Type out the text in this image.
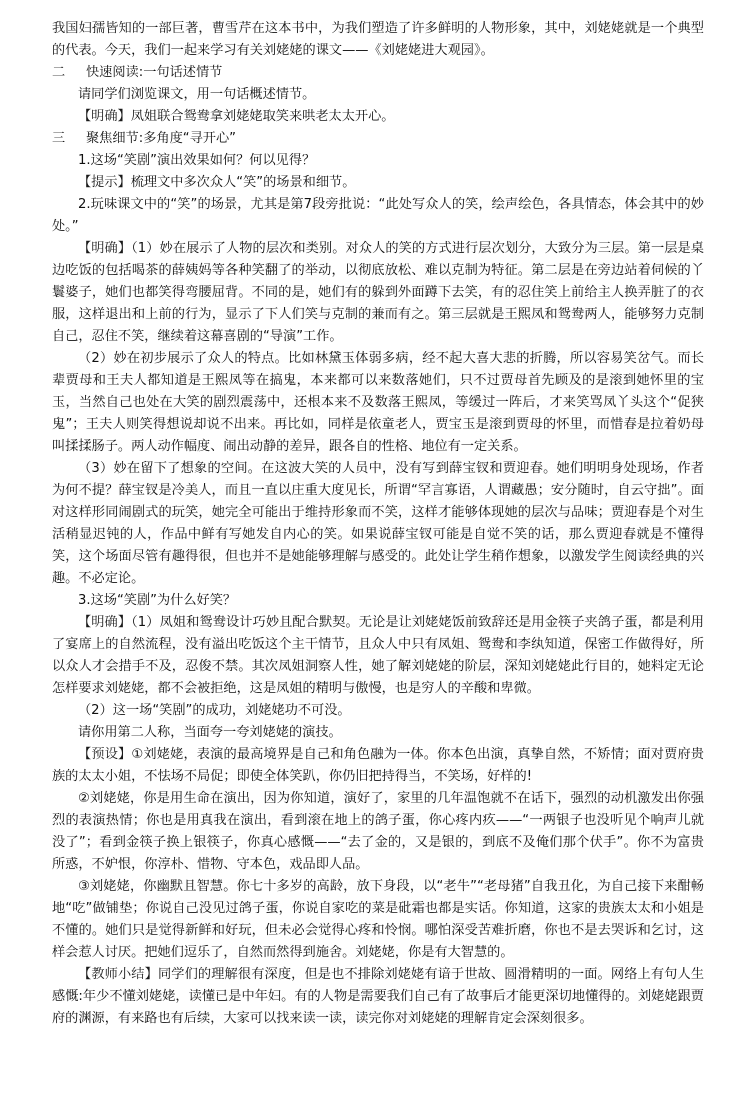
我国妇孺皆知的一部巨著，曹雪芹在这本书中，为我们塑造了许多鲜明的人物形象，其中，刘姥姥就是一个典型的代表。今天，我们一起来学习有关刘姥姥的课文——《刘姥姥进大观园》。

二	快速阅读:一句话述情节

请同学们浏览课文，用一句话概述情节。

【明确】凤姐联合鸳鸯拿刘姥姥取笑来哄老太太开心。

三	聚焦细节:多角度“寻开心”

1.这场“笑剧”演出效果如何？何以见得？

【提示】梳理文中多次众人“笑”的场景和细节。

2.玩味课文中的“笑”的场景，尤其是第7段旁批说：“此处写众人的笑，绘声绘色，各具情态，体会其中的妙处。”

【明确】（1）妙在展示了人物的层次和类别。对众人的笑的方式进行层次划分，大致分为三层。第一层是桌边吃饭的包括喝茶的薛姨妈等各种笑翻了的举动，以彻底放松、难以克制为特征。第二层是在旁边站着伺候的丫鬟婆子，她们也都笑得弯腰屈背。不同的是，她们有的躲到外面蹲下去笑，有的忍住笑上前给主人换弄脏了的衣服，这样退出和上前的行为，显示了下人们笑与克制的兼而有之。第三层就是王熙凤和鸳鸯两人，能够努力克制自己，忍住不笑，继续着这幕喜剧的“导演”工作。

（2）妙在初步展示了众人的特点。比如林黛玉体弱多病，经不起大喜大悲的折腾，所以容易笑岔气。而长辈贾母和王夫人都知道是王熙凤等在搞鬼，本来都可以来数落她们，只不过贾母首先顾及的是滚到她怀里的宝玉，当然自己也处在大笑的剧烈震荡中，还根本来不及数落王熙凤，等缓过一阵后，才来笑骂凤丫头这个“促狭鬼”；王夫人则笑得想说却说不出来。再比如，同样是依童老人，贾宝玉是滚到贾母的怀里，而惜春是拉着奶母叫揉揉肠子。两人动作幅度、闹出动静的差异，跟各自的性格、地位有一定关系。

（3）妙在留下了想象的空间。在这波大笑的人员中，没有写到薛宝钗和贾迎春。她们明明身处现场，作者为何不提？薛宝钗是冷美人，而且一直以庄重大度见长，所谓“罕言寡语，人谓藏愚；安分随时，自云守拙”。面对这样形同闹剧式的玩笑，她完全可能出于维持形象而不笑，这样才能够体现她的层次与品味；贾迎春是个对生活稍显迟钝的人，作品中鲜有写她发自内心的笑。如果说薛宝钗可能是自觉不笑的话，那么贾迎春就是不懂得笑，这个场面尽管有趣得很，但也并不是她能够理解与感受的。此处让学生稍作想象，以激发学生阅读经典的兴趣。不必定论。

3.这场“笑剧”为什么好笑？

【明确】（1）凤姐和鸳鸯设计巧妙且配合默契。无论是让刘姥姥饭前致辞还是用金筷子夹鸽子蛋，都是利用了宴席上的自然流程，没有溢出吃饭这个主干情节，且众人中只有凤姐、鸳鸯和李纨知道，保密工作做得好，所以众人才会措手不及，忍俊不禁。其次凤姐洞察人性，她了解刘姥姥的阶层，深知刘姥姥此行目的，她料定无论怎样要求刘姥姥，都不会被拒绝，这是凤姐的精明与傲慢，也是穷人的辛酸和卑微。

（2）这一场“笑剧”的成功，刘姥姥功不可没。

请你用第二人称，当面夸一夸刘姥姥的演技。

【预设】①刘姥姥，表演的最高境界是自己和角色融为一体。你本色出演，真挚自然，不矫情；面对贾府贵族的太太小姐，不怯场不局促；即使全体笑趴，你仍旧把持得当，不笑场，好样的!

②刘姥姥，你是用生命在演出，因为你知道，演好了，家里的几年温饱就不在话下，强烈的动机激发出你强烈的表演热情；你也是用真我在演出，看到滚在地上的鸽子蛋，你心疼内疚——“一两银子也没听见个响声儿就没了”；看到金筷子换上银筷子，你真心感慨——“去了金的，又是银的，到底不及俺们那个伏手”。你不为富贵所惑，不妒恨，你淳朴、惜物、守本色，戏品即人品。

③刘姥姥，你幽默且智慧。你七十多岁的高龄，放下身段，以“老牛”“老母猪”自我丑化，为自己接下来酣畅地“吃”做铺垫；你说自己没见过鸽子蛋，你说自家吃的菜是砒霜也都是实话。你知道，这家的贵族太太和小姐是不懂的。她们只是觉得新鲜和好玩，但未必会觉得心疼和怜悯。哪怕深受苦难折磨，你也不是去哭诉和乞讨，这样会惹人讨厌。把她们逗乐了，自然而然得到施舍。刘姥姥，你是有大智慧的。

【教师小结】同学们的理解很有深度，但是也不排除刘姥姥有谙于世故、圆滑精明的一面。网络上有句人生感慨:年少不懂刘姥姥，读懂已是中年妇。有的人物是需要我们自己有了故事后才能更深切地懂得的。刘姥姥跟贾府的渊源，有来路也有后续，大家可以找来读一读，读完你对刘姥姥的理解肯定会深刻很多。
